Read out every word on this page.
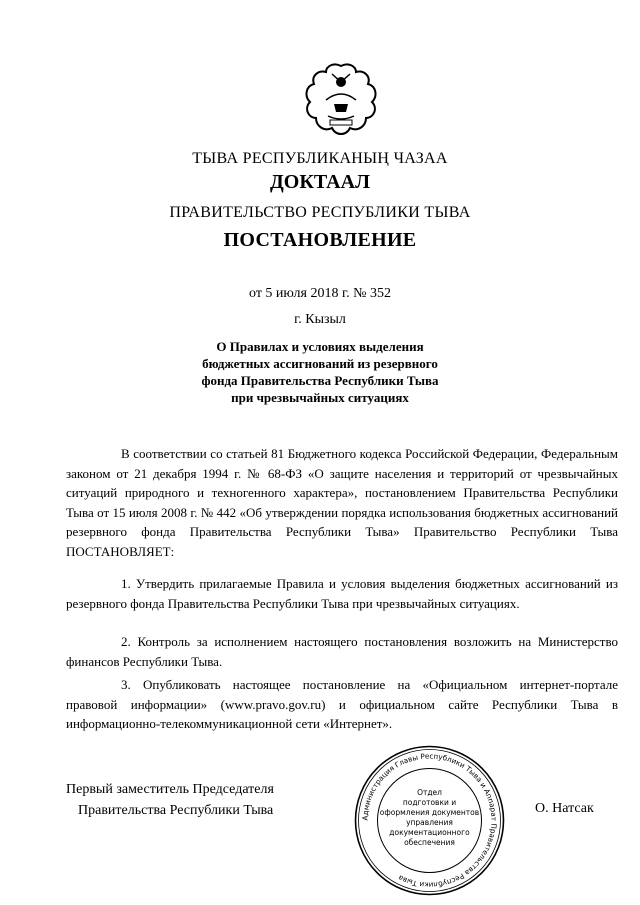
ТЫВА РЕСПУБЛИКАНЫҢ ЧАЗАА
ДОКТААЛ
ПРАВИТЕЛЬСТВО РЕСПУБЛИКИ ТЫВА
ПОСТАНОВЛЕНИЕ
от 5 июля 2018 г. № 352
г. Кызыл
О Правилах и условиях выделения
бюджетных ассигнований из резервного
фонда Правительства Республики Тыва
при чрезвычайных ситуациях

В соответствии со статьей 81 Бюджетного кодекса Российской Федерации, Федеральным законом от 21 декабря 1994 г. № 68-ФЗ «О защите населения и территорий от чрезвычайных ситуаций природного и техногенного характера», постановлением Правительства Республики Тыва от 15 июля 2008 г. № 442 «Об утверждении порядка использования бюджетных ассигнований резервного фонда Правительства Республики Тыва» Правительство Республики Тыва ПОСТАНОВЛЯЕТ:

1. Утвердить прилагаемые Правила и условия выделения бюджетных ассигнований из резервного фонда Правительства Республики Тыва при чрезвычайных ситуациях.

2. Контроль за исполнением настоящего постановления возложить на Министерство финансов Республики Тыва.

3. Опубликовать настоящее постановление на «Официальном интернет-портале правовой информации» (www.pravo.gov.ru) и официальном сайте Республики Тыва в информационно-телекоммуникационной сети «Интернет».

Первый заместитель Председателя
Правительства Республики Тыва
Администрация Главы Республики Тыва и Аппарат Правительства Республики Тыва
Отдел
подготовки и
оформления документов
управления
документационного
обеспечения
О. Натсак
